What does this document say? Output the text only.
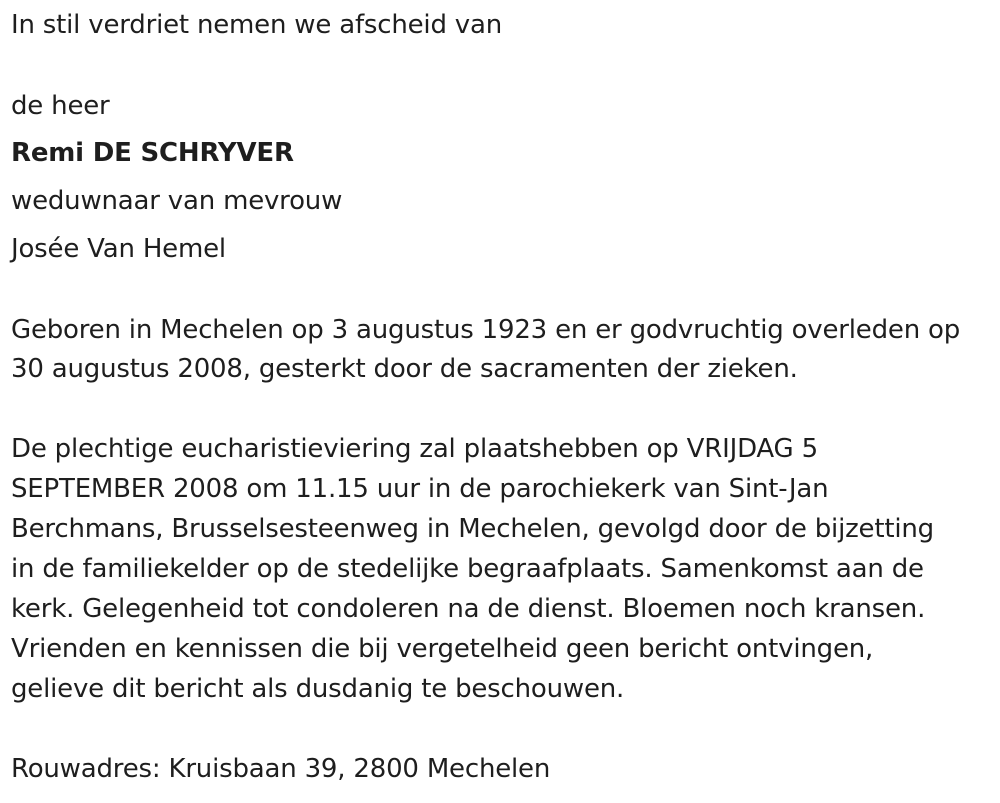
In stil verdriet nemen we afscheid van
de heer
Remi DE SCHRYVER
weduwnaar van mevrouw
Josée Van Hemel
Geboren in Mechelen op 3 augustus 1923 en er godvruchtig overleden op
30 augustus 2008, gesterkt door de sacramenten der zieken.
De plechtige eucharistieviering zal plaatshebben op VRIJDAG 5
SEPTEMBER 2008 om 11.15 uur in de parochiekerk van Sint-Jan
Berchmans, Brusselsesteenweg in Mechelen, gevolgd door de bijzetting
in de familiekelder op de stedelijke begraafplaats. Samenkomst aan de
kerk. Gelegenheid tot condoleren na de dienst. Bloemen noch kransen.
Vrienden en kennissen die bij vergetelheid geen bericht ontvingen,
gelieve dit bericht als dusdanig te beschouwen.
Rouwadres: Kruisbaan 39, 2800 Mechelen
